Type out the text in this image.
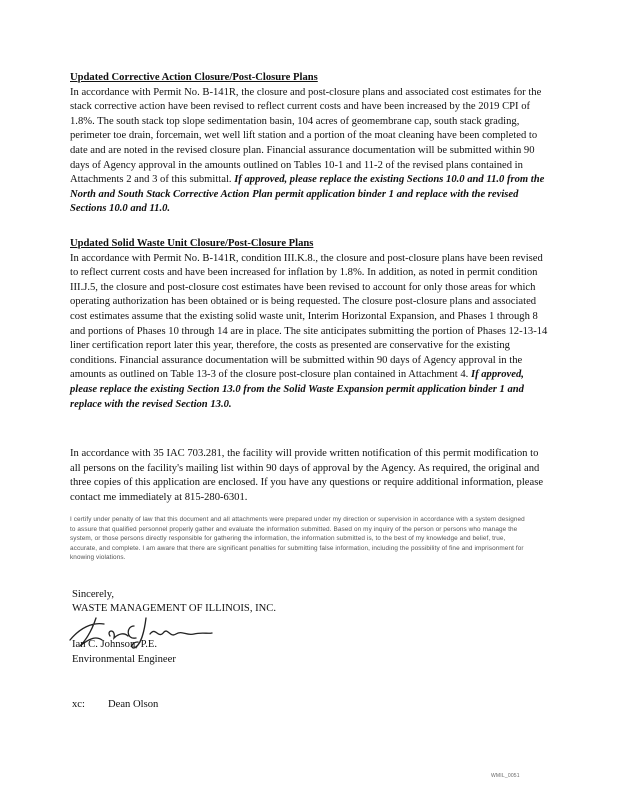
Updated Corrective Action Closure/Post-Closure Plans
In accordance with Permit No. B-141R, the closure and post-closure plans and associated cost estimates for the stack corrective action have been revised to reflect current costs and have been increased by the 2019 CPI of 1.8%. The south stack top slope sedimentation basin, 104 acres of geomembrane cap, south stack grading, perimeter toe drain, forcemain, wet well lift station and a portion of the moat cleaning have been completed to date and are noted in the revised closure plan. Financial assurance documentation will be submitted within 90 days of Agency approval in the amounts outlined on Tables 10-1 and 11-2 of the revised plans contained in Attachments 2 and 3 of this submittal. If approved, please replace the existing Sections 10.0 and 11.0 from the North and South Stack Corrective Action Plan permit application binder 1 and replace with the revised Sections 10.0 and 11.0.
Updated Solid Waste Unit Closure/Post-Closure Plans
In accordance with Permit No. B-141R, condition III.K.8., the closure and post-closure plans have been revised to reflect current costs and have been increased for inflation by 1.8%. In addition, as noted in permit condition III.J.5, the closure and post-closure cost estimates have been revised to account for only those areas for which operating authorization has been obtained or is being requested. The closure post-closure plans and associated cost estimates assume that the existing solid waste unit, Interim Horizontal Expansion, and Phases 1 through 8 and portions of Phases 10 through 14 are in place. The site anticipates submitting the portion of Phases 12-13-14 liner certification report later this year, therefore, the costs as presented are conservative for the existing conditions. Financial assurance documentation will be submitted within 90 days of Agency approval in the amounts as outlined on Table 13-3 of the closure post-closure plan contained in Attachment 4. If approved, please replace the existing Section 13.0 from the Solid Waste Expansion permit application binder 1 and replace with the revised Section 13.0.
In accordance with 35 IAC 703.281, the facility will provide written notification of this permit modification to all persons on the facility's mailing list within 90 days of approval by the Agency. As required, the original and three copies of this application are enclosed. If you have any questions or require additional information, please contact me immediately at 815-280-6301.
I certify under penalty of law that this document and all attachments were prepared under my direction or supervision in accordance with a system designed to assure that qualified personnel properly gather and evaluate the information submitted. Based on my inquiry of the person or persons who manage the system, or those persons directly responsible for gathering the information, the information submitted is, to the best of my knowledge and belief, true, accurate, and complete. I am aware that there are significant penalties for submitting false information, including the possibility of fine and imprisonment for knowing violations.
Sincerely,
WASTE MANAGEMENT OF ILLINOIS, INC.
Ian C. Johnson, P.E.
Environmental Engineer
xc: Dean Olson
WMIL_0051
